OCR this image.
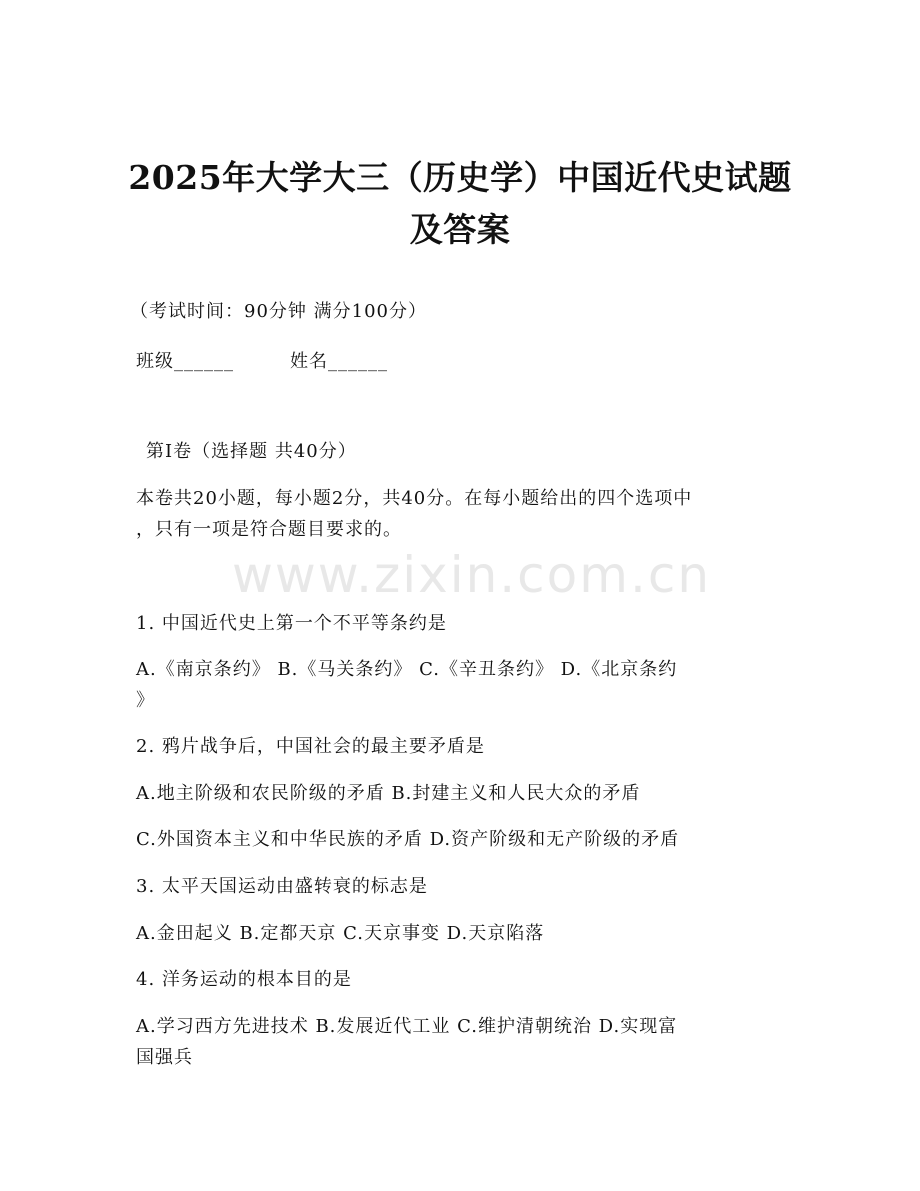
2025年大学大三（历史学）中国近代史试题
及答案
（考试时间：90分钟 满分100分）
班级______	姓名______
第Ⅰ卷（选择题 共40分）
本卷共20小题，每小题2分，共40分。在每小题给出的四个选项中
，只有一项是符合题目要求的。
www.zixin.com.cn
1. 中国近代史上第一个不平等条约是
A.《南京条约》 B.《马关条约》 C.《辛丑条约》 D.《北京条约
》
2. 鸦片战争后，中国社会的最主要矛盾是
A.地主阶级和农民阶级的矛盾 B.封建主义和人民大众的矛盾
C.外国资本主义和中华民族的矛盾 D.资产阶级和无产阶级的矛盾
3. 太平天国运动由盛转衰的标志是
A.金田起义 B.定都天京 C.天京事变 D.天京陷落
4. 洋务运动的根本目的是
A.学习西方先进技术 B.发展近代工业 C.维护清朝统治 D.实现富
国强兵
